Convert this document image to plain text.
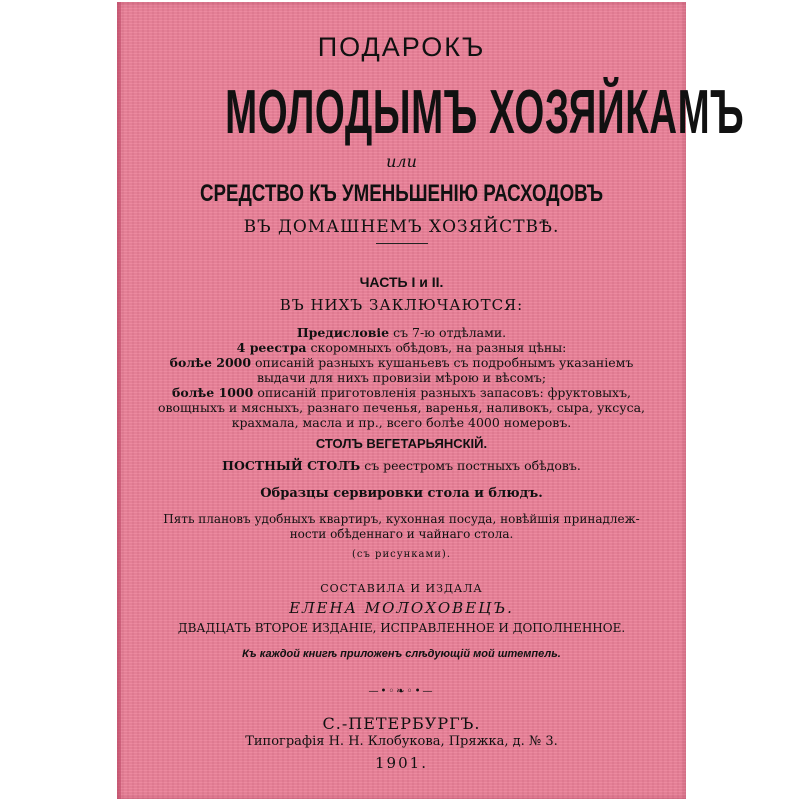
ПОДАРОКЪ
МОЛОДЫМЪ ХОЗЯЙКАМЪ
или
СРЕДСТВО КЪ УМЕНЬШЕНІЮ РАСХОДОВЪ
ВЪ ДОМАШНЕМЪ ХОЗЯЙСТВѢ.
ЧАСТЬ I и II.
ВЪ НИХЪ ЗАКЛЮЧАЮТСЯ:
Предисловіе съ 7-ю отдѣлами.
4 реестра скоромныхъ обѣдовъ, на разныя цѣны:
болѣе 2000 описаній разныхъ кушаньевъ съ подробнымъ указаніемъ
выдачи для нихъ провизіи мѣрою и вѣсомъ;
болѣе 1000 описаній приготовленія разныхъ запасовъ: фруктовыхъ,
овощныхъ и мясныхъ, разнаго печенья, варенья, наливокъ, сыра, уксуса,
крахмала, масла и пр., всего болѣе 4000 номеровъ.
СТОЛЪ ВЕГЕТАРЬЯНСКІЙ.
ПОСТНЫЙ СТОЛЪ съ реестромъ постныхъ обѣдовъ.
Образцы сервировки стола и блюдъ.
Пять плановъ удобныхъ квартиръ, кухонная посуда, новѣйшія принадлеж-
ности обѣденнаго и чайнаго стола.
(съ рисунками).
СОСТАВИЛА И ИЗДАЛА
ЕЛЕНА МОЛОХОВЕЦЪ.
ДВАДЦАТЬ ВТОРОЕ ИЗДАНІЕ, ИСПРАВЛЕННОЕ И ДОПОЛНЕННОЕ.
Къ каждой книгѣ приложенъ слѣдующій мой штемпель.
—•◦❧◦•—
С.-ПЕТЕРБУРГЪ.
Типографія Н. Н. Клобукова, Пряжка, д. № 3.
1901.
